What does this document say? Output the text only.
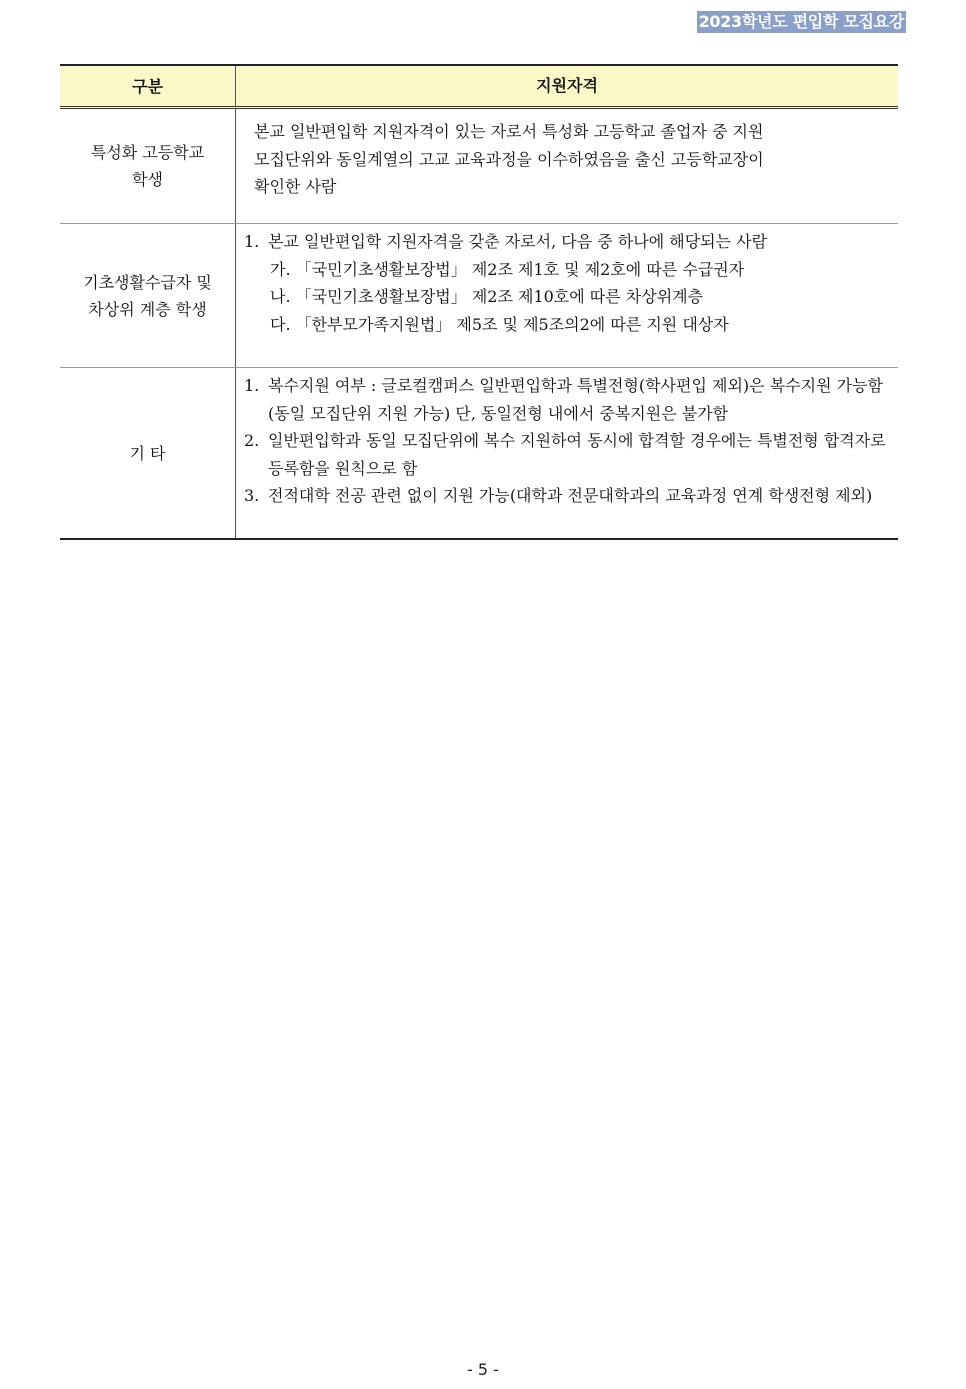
2023학년도 편입학 모집요강
구분	지원자격
특성화 고등학교
학생
본교 일반편입학 지원자격이 있는 자로서 특성화 고등학교 졸업자 중 지원
모집단위와 동일계열의 고교 교육과정을 이수하였음을 출신 고등학교장이
확인한 사람
기초생활수급자 및
차상위 계층 학생
1. 본교 일반편입학 지원자격을 갖춘 자로서, 다음 중 하나에 해당되는 사람
가. 「국민기초생활보장법」 제2조 제1호 및 제2호에 따른 수급권자
나. 「국민기초생활보장법」 제2조 제10호에 따른 차상위계층
다. 「한부모가족지원법」 제5조 및 제5조의2에 따른 지원 대상자
기 타
1. 복수지원 여부 : 글로컬캠퍼스 일반편입학과 특별전형(학사편입 제외)은 복수지원 가능함 (동일 모집단위 지원 가능) 단, 동일전형 내에서 중복지원은 불가함
2. 일반편입학과 동일 모집단위에 복수 지원하여 동시에 합격할 경우에는 특별전형 합격자로 등록함을 원칙으로 함
3. 전적대학 전공 관련 없이 지원 가능(대학과 전문대학과의 교육과정 연계 학생전형 제외)
- 5 -
